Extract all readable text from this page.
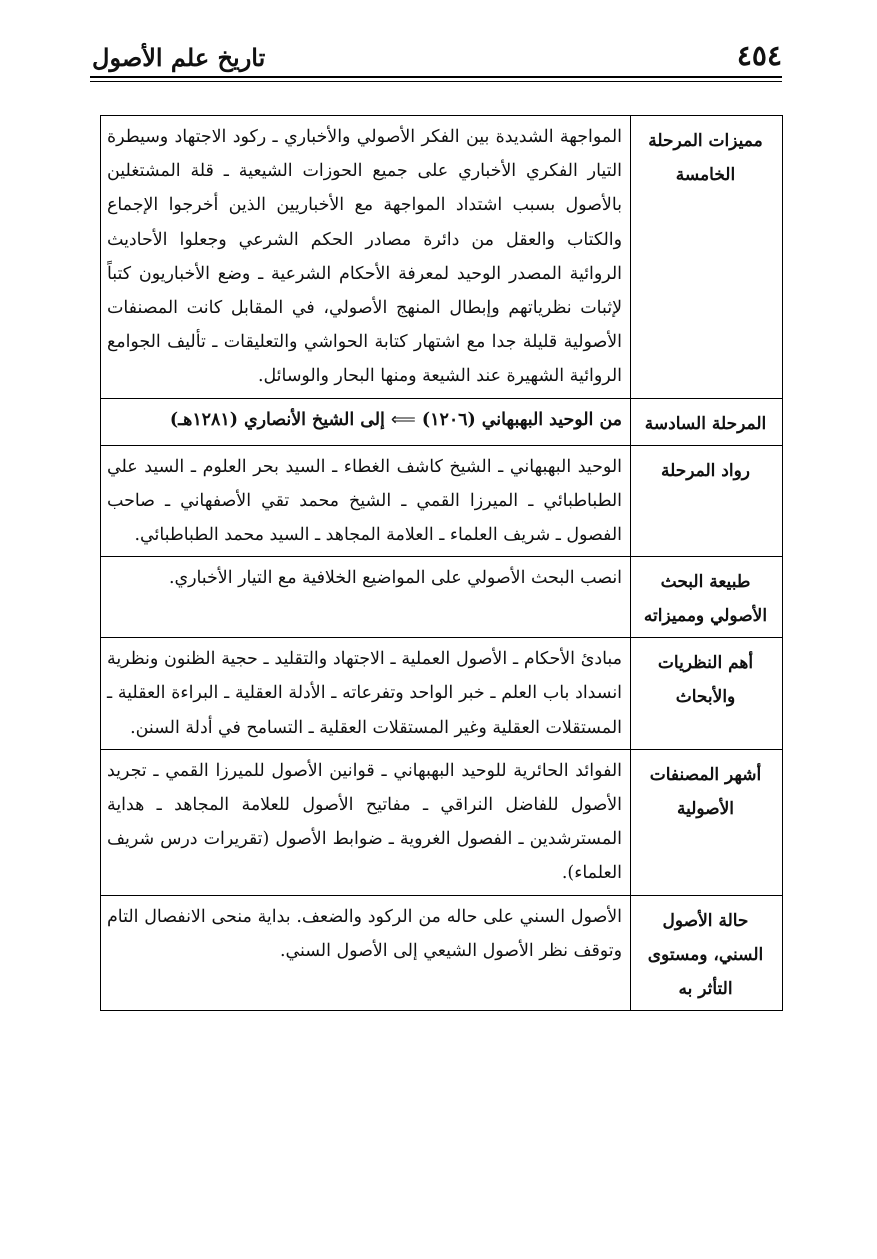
تاريخ علم الأصول	٤٥٤
مميزات المرحلة الخامسة	المواجهة الشديدة بين الفكر الأصولي والأخباري ـ ركود الاجتهاد وسيطرة التيار الفكري الأخباري على جميع الحوزات الشيعية ـ قلة المشتغلين بالأصول بسبب اشتداد المواجهة مع الأخباريين الذين أخرجوا الإجماع والكتاب والعقل من دائرة مصادر الحكم الشرعي وجعلوا الأحاديث الروائية المصدر الوحيد لمعرفة الأحكام الشرعية ـ وضع الأخباريون كتباً لإثبات نظرياتهم وإبطال المنهج الأصولي، في المقابل كانت المصنفات الأصولية قليلة جدا مع اشتهار كتابة الحواشي والتعليقات ـ تأليف الجوامع الروائية الشهيرة عند الشيعة ومنها البحار والوسائل.
المرحلة السادسة	من الوحيد البهبهاني (١٢٠٦) ⟸ إلى الشيخ الأنصاري (١٢٨١هـ)
رواد المرحلة	الوحيد البهبهاني ـ الشيخ كاشف الغطاء ـ السيد بحر العلوم ـ السيد علي الطباطبائي ـ الميرزا القمي ـ الشيخ محمد تقي الأصفهاني ـ صاحب الفصول ـ شريف العلماء ـ العلامة المجاهد ـ السيد محمد الطباطبائي.
طبيعة البحث الأصولي ومميزاته	انصب البحث الأصولي على المواضيع الخلافية مع التيار الأخباري.
أهم النظريات والأبحاث	مبادئ الأحكام ـ الأصول العملية ـ الاجتهاد والتقليد ـ حجية الظنون ونظرية انسداد باب العلم ـ خبر الواحد وتفرعاته ـ الأدلة العقلية ـ البراءة العقلية ـ المستقلات العقلية وغير المستقلات العقلية ـ التسامح في أدلة السنن.
أشهر المصنفات الأصولية	الفوائد الحائرية للوحيد البهبهاني ـ قوانين الأصول للميرزا القمي ـ تجريد الأصول للفاضل النراقي ـ مفاتيح الأصول للعلامة المجاهد ـ هداية المسترشدين ـ الفصول الغروية ـ ضوابط الأصول (تقريرات درس شريف العلماء).
حالة الأصول السني، ومستوى التأثر به	الأصول السني على حاله من الركود والضعف. بداية منحى الانفصال التام وتوقف نظر الأصول الشيعي إلى الأصول السني.
